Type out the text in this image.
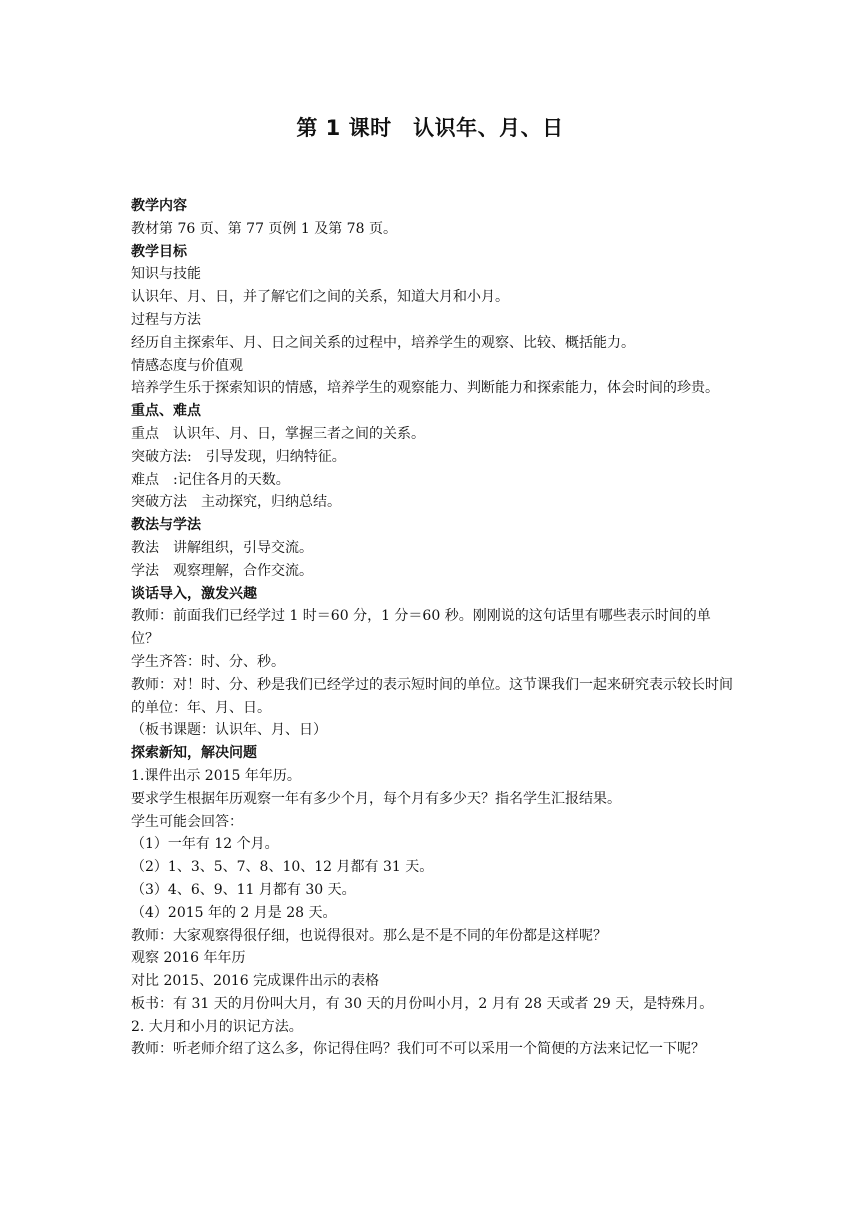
第 1 课时　认识年、月、日

教学内容

教材第 76 页、第 77 页例 1 及第 78 页。

教学目标

知识与技能

认识年、月、日，并了解它们之间的关系，知道大月和小月。

过程与方法

经历自主探索年、月、日之间关系的过程中，培养学生的观察、比较、概括能力。

情感态度与价值观

培养学生乐于探索知识的情感，培养学生的观察能力、判断能力和探索能力，体会时间的珍贵。

重点、难点

重点　认识年、月、日，掌握三者之间的关系。

突破方法:　引导发现，归纳特征。

难点　:记住各月的天数。

突破方法　主动探究，归纳总结。

教法与学法

教法　讲解组织，引导交流。

学法　观察理解，合作交流。

谈话导入，激发兴趣

教师：前面我们已经学过 1 时＝60 分，1 分＝60 秒。刚刚说的这句话里有哪些表示时间的单位？

学生齐答：时、分、秒。

教师：对！时、分、秒是我们已经学过的表示短时间的单位。这节课我们一起来研究表示较长时间的单位：年、月、日。

（板书课题：认识年、月、日）

探索新知，解决问题

1.课件出示 2015 年年历。

要求学生根据年历观察一年有多少个月，每个月有多少天？指名学生汇报结果。

学生可能会回答：

（1）一年有 12 个月。

（2）1、3、5、7、8、10、12 月都有 31 天。

（3）4、6、9、11 月都有 30 天。

（4）2015 年的 2 月是 28 天。

教师：大家观察得很仔细，也说得很对。那么是不是不同的年份都是这样呢？

观察 2016 年年历

对比 2015、2016 完成课件出示的表格

板书：有 31 天的月份叫大月，有 30 天的月份叫小月，2 月有 28 天或者 29 天，是特殊月。

2. 大月和小月的识记方法。

教师：听老师介绍了这么多，你记得住吗？我们可不可以采用一个简便的方法来记忆一下呢？
